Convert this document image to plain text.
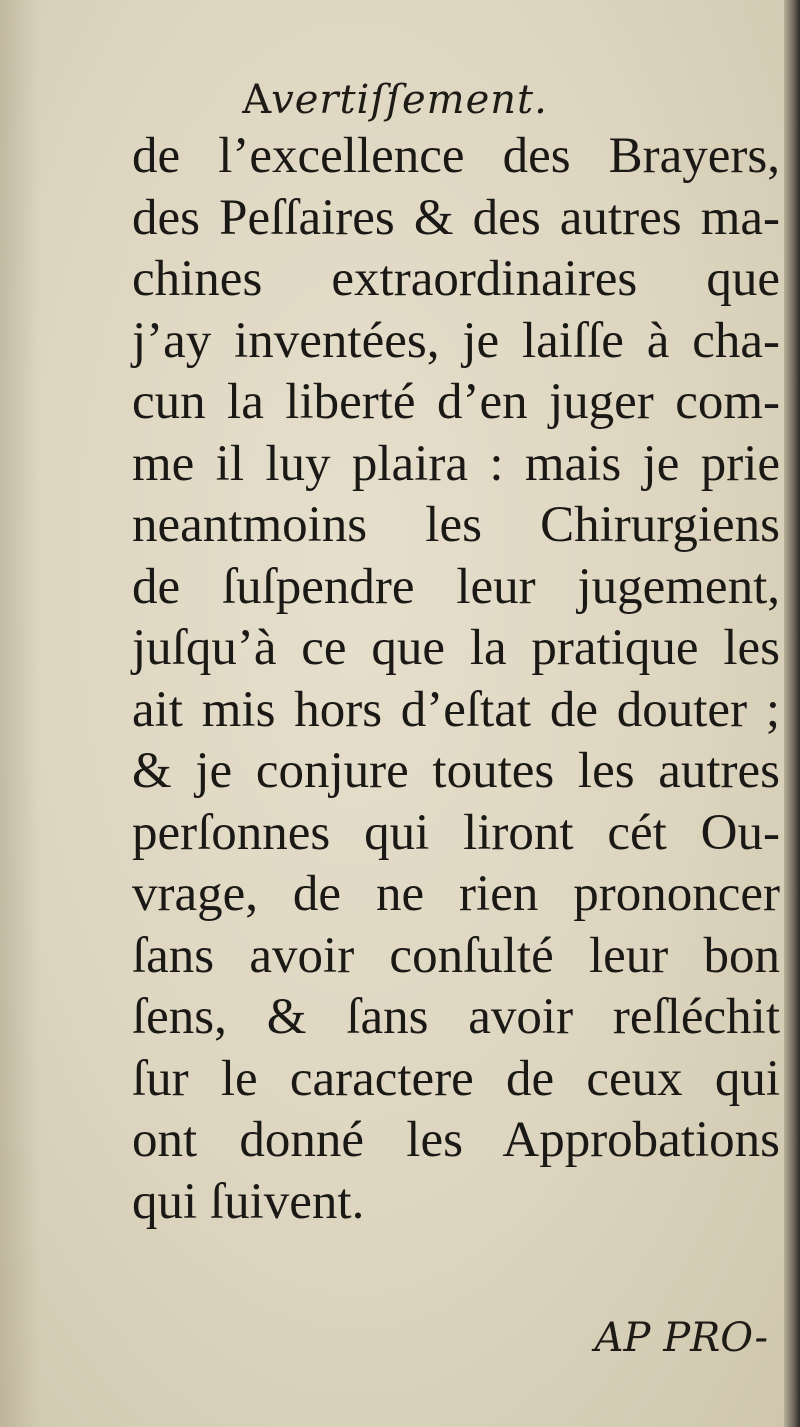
Avertiſſement.
de l’excellence des Brayers,
des Peſſaires & des autres ma-
chines extraordinaires que
j’ay inventées, je laiſſe à cha-
cun la liberté d’en juger com-
me il luy plaira : mais je prie
neantmoins les Chirurgiens
de ſuſpendre leur jugement,
juſqu’à ce que la pratique les
ait mis hors d’eſtat de douter ;
& je conjure toutes les autres
perſonnes qui liront cét Ou-
vrage, de ne rien prononcer
ſans avoir conſulté leur bon
ſens, & ſans avoir reſléchit
ſur le caractere de ceux qui
ont donné les Approbations
qui ſuivent.
AP PRO-
